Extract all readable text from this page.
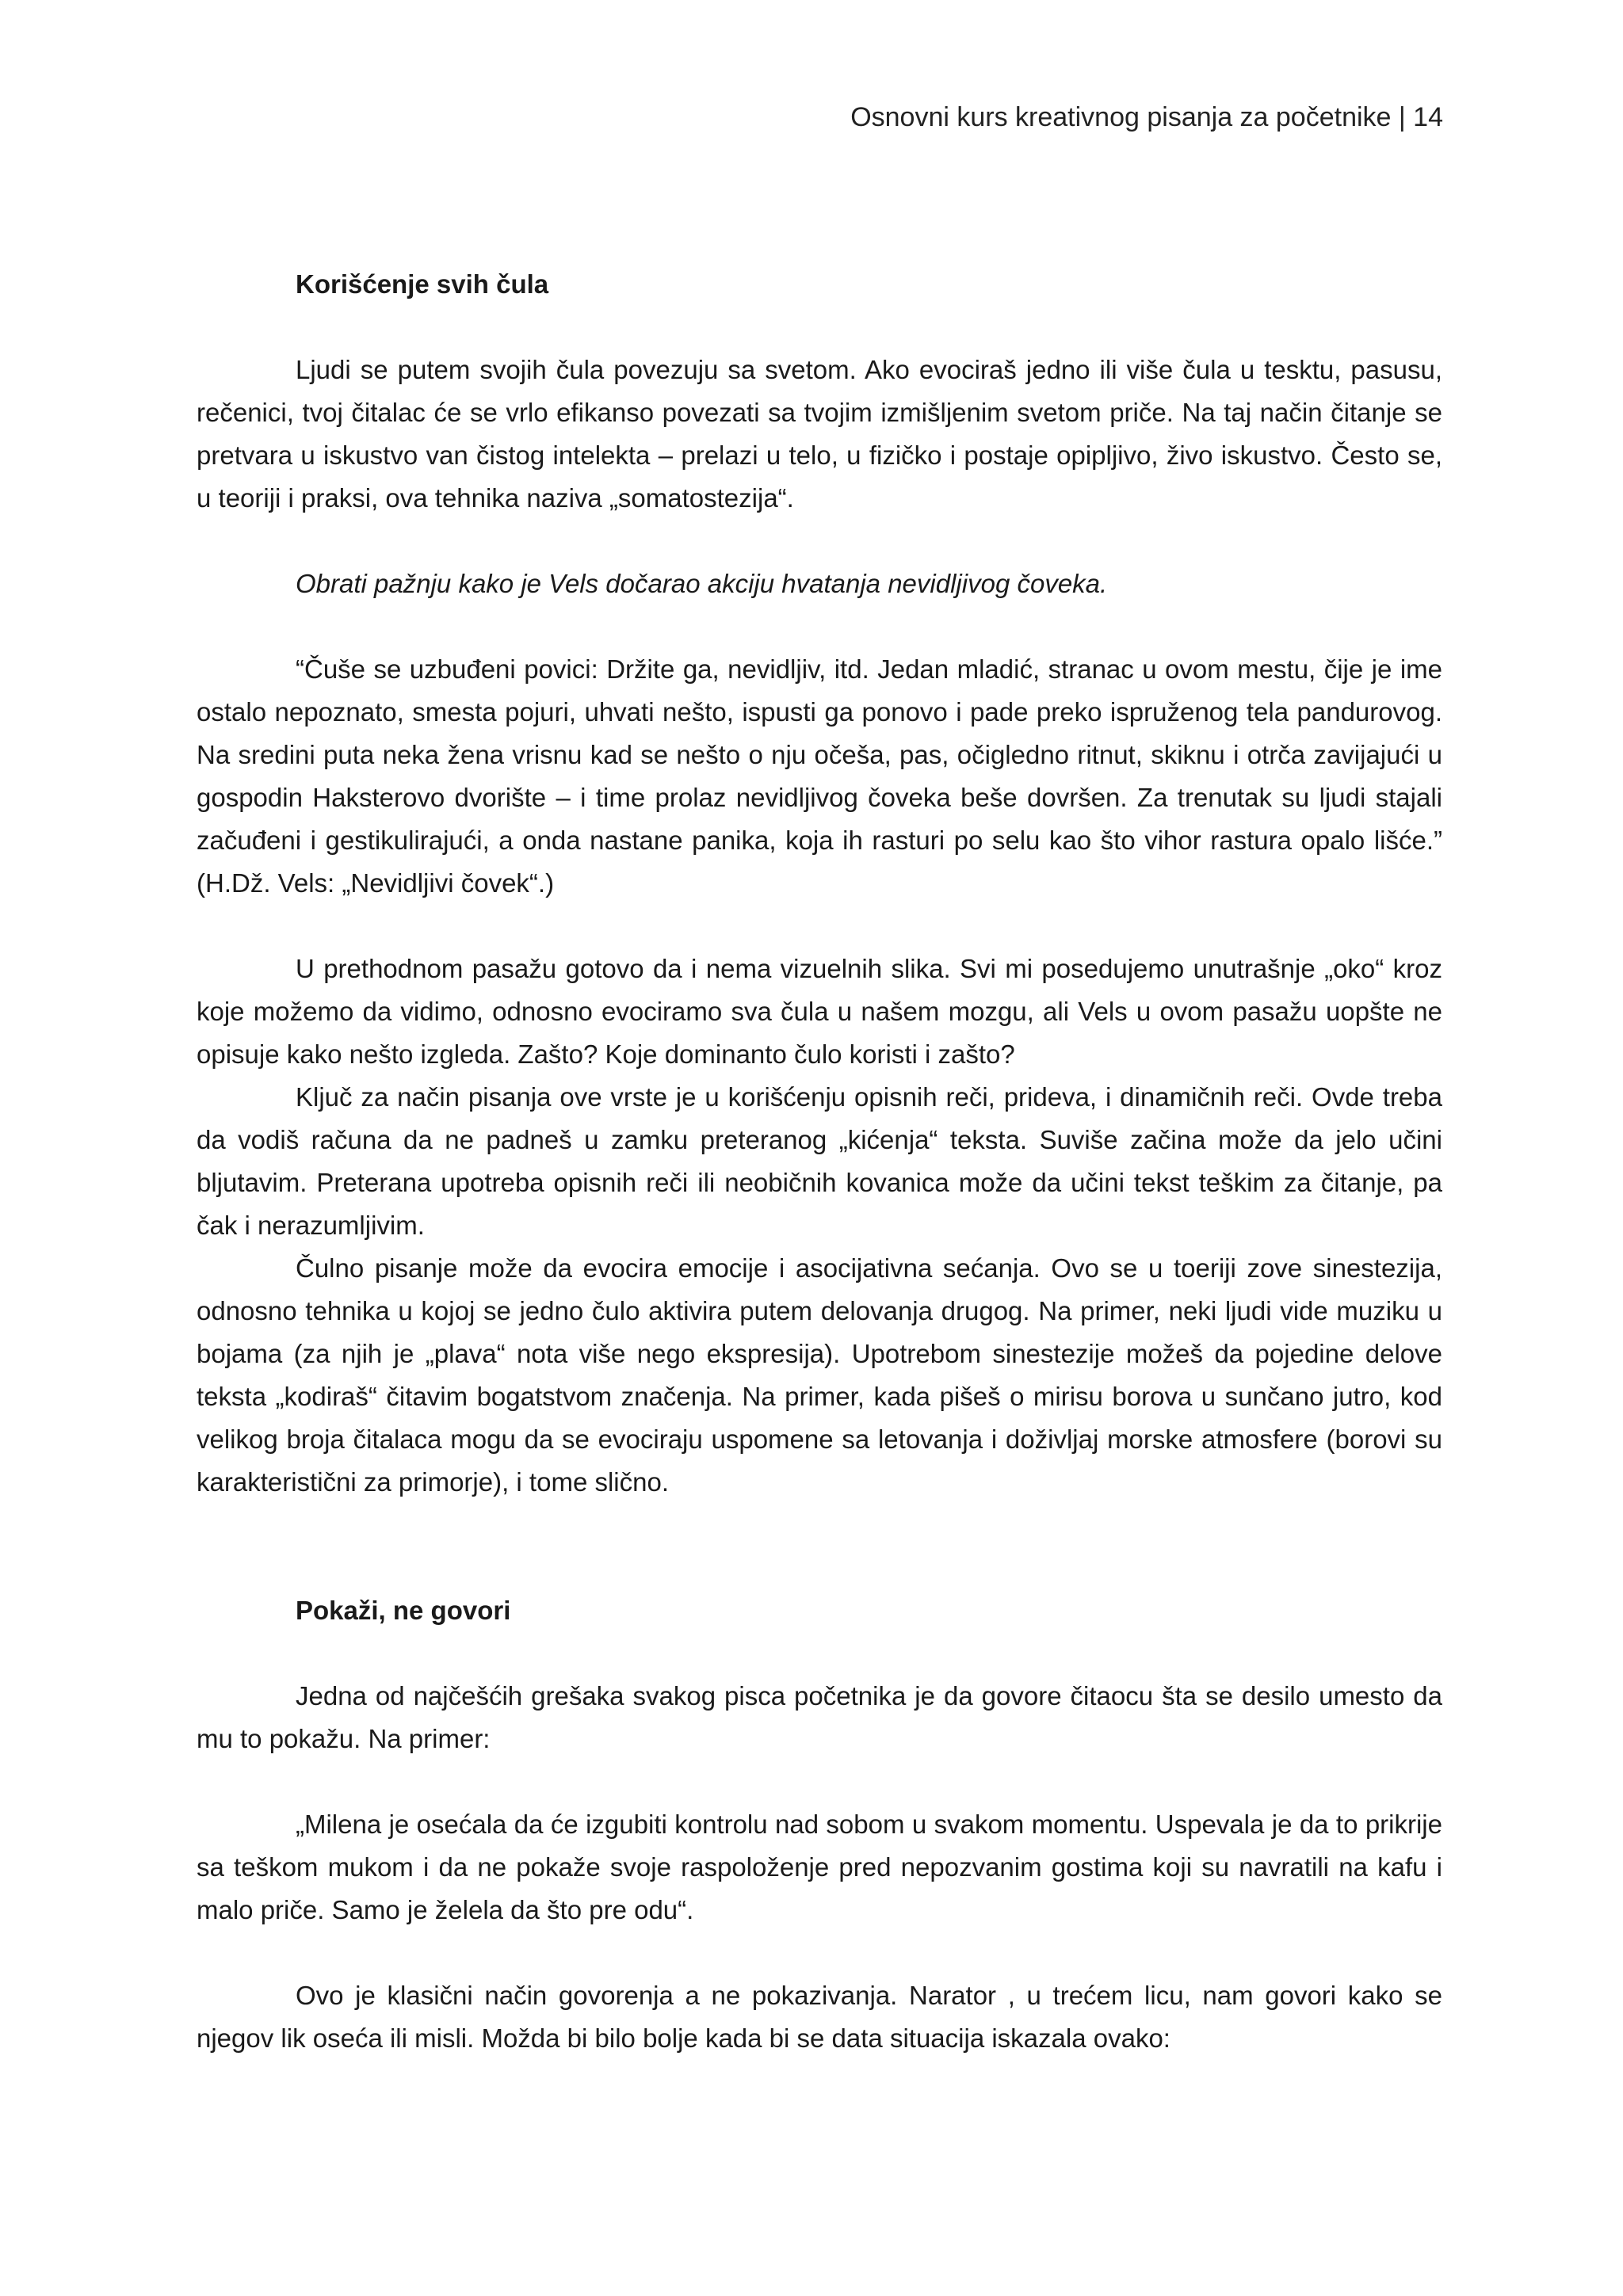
Osnovni kurs kreativnog pisanja za početnike | 14
Korišćenje svih čula

Ljudi se putem svojih čula povezuju sa svetom. Ako evociraš jedno ili više čula u tesktu, pasusu, rečenici, tvoj čitalac će se vrlo efikanso povezati sa tvojim izmišljenim svetom priče. Na taj način čitanje se pretvara u iskustvo van čistog intelekta – prelazi u telo, u fizičko i postaje opipljivo, živo iskustvo. Često se, u teoriji i praksi, ova tehnika naziva „somatostezija“.

Obrati pažnju kako je Vels dočarao akciju hvatanja nevidljivog čoveka.

“Čuše se uzbuđeni povici: Držite ga, nevidljiv, itd. Jedan mladić, stranac u ovom mestu, čije je ime ostalo nepoznato, smesta pojuri, uhvati nešto, ispusti ga ponovo i pade preko ispruženog tela pandurovog. Na sredini puta neka žena vrisnu kad se nešto o nju očeša, pas, očigledno ritnut, skiknu i otrča zavijajući u gospodin Haksterovo dvorište – i time prolaz nevidljivog čoveka beše dovršen. Za trenutak su ljudi stajali začuđeni i gestikulirajući, a onda nastane panika, koja ih rasturi po selu kao što vihor rastura opalo lišće.” (H.Dž. Vels: „Nevidljivi čovek“.)

U prethodnom pasažu gotovo da i nema vizuelnih slika. Svi mi posedujemo unutrašnje „oko“ kroz koje možemo da vidimo, odnosno evociramo sva čula u našem mozgu, ali Vels u ovom pasažu uopšte ne opisuje kako nešto izgleda. Zašto? Koje dominanto čulo koristi i zašto?

Ključ za način pisanja ove vrste je u korišćenju opisnih reči, prideva, i dinamičnih reči. Ovde treba da vodiš računa da ne padneš u zamku preteranog „kićenja“ teksta. Suviše začina može da jelo učini bljutavim. Preterana upotreba opisnih reči ili neobičnih kovanica može da učini tekst teškim za čitanje, pa čak i nerazumljivim.

Čulno pisanje može da evocira emocije i asocijativna sećanja. Ovo se u toeriji zove sinestezija, odnosno tehnika u kojoj se jedno čulo aktivira putem delovanja drugog. Na primer, neki ljudi vide muziku u bojama (za njih je „plava“ nota više nego ekspresija). Upotrebom sinestezije možeš da pojedine delove teksta „kodiraš“ čitavim bogatstvom značenja. Na primer, kada pišeš o mirisu borova u sunčano jutro, kod velikog broja čitalaca mogu da se evociraju uspomene sa letovanja i doživljaj morske atmosfere (borovi su karakteristični za primorje), i tome slično.

Pokaži, ne govori

Jedna od najčešćih grešaka svakog pisca početnika je da govore čitaocu šta se desilo umesto da mu to pokažu. Na primer:

„Milena je osećala da će izgubiti kontrolu nad sobom u svakom momentu. Uspevala je da to prikrije sa teškom mukom i da ne pokaže svoje raspoloženje pred nepozvanim gostima koji su navratili na kafu i malo priče. Samo je želela da što pre odu“.

Ovo je klasični način govorenja a ne pokazivanja. Narator , u trećem licu, nam govori kako se njegov lik oseća ili misli. Možda bi bilo bolje kada bi se data situacija iskazala ovako:
